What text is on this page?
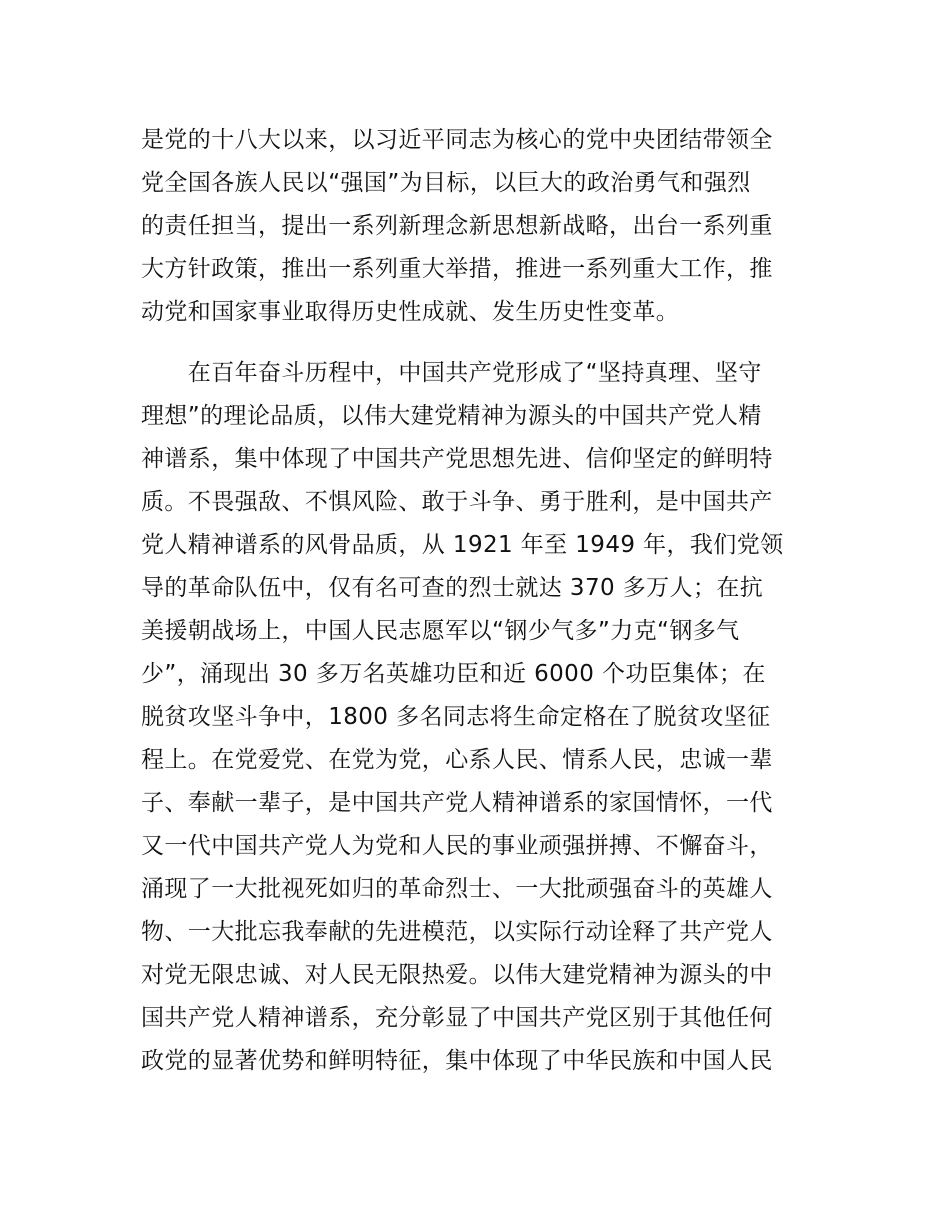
是党的十八大以来，以习近平同志为核心的党中央团结带领全
党全国各族人民以“强国”为目标，以巨大的政治勇气和强烈
的责任担当，提出一系列新理念新思想新战略，出台一系列重
大方针政策，推出一系列重大举措，推进一系列重大工作，推
动党和国家事业取得历史性成就、发生历史性变革。
　　在百年奋斗历程中，中国共产党形成了“坚持真理、坚守
理想”的理论品质，以伟大建党精神为源头的中国共产党人精
神谱系，集中体现了中国共产党思想先进、信仰坚定的鲜明特
质。不畏强敌、不惧风险、敢于斗争、勇于胜利，是中国共产
党人精神谱系的风骨品质，从 1921 年至 1949 年，我们党领
导的革命队伍中，仅有名可查的烈士就达 370 多万人；在抗
美援朝战场上，中国人民志愿军以“钢少气多”力克“钢多气
少”，涌现出 30 多万名英雄功臣和近 6000 个功臣集体；在
脱贫攻坚斗争中，1800 多名同志将生命定格在了脱贫攻坚征
程上。在党爱党、在党为党，心系人民、情系人民，忠诚一辈
子、奉献一辈子，是中国共产党人精神谱系的家国情怀，一代
又一代中国共产党人为党和人民的事业顽强拼搏、不懈奋斗，
涌现了一大批视死如归的革命烈士、一大批顽强奋斗的英雄人
物、一大批忘我奉献的先进模范，以实际行动诠释了共产党人
对党无限忠诚、对人民无限热爱。以伟大建党精神为源头的中
国共产党人精神谱系，充分彰显了中国共产党区别于其他任何
政党的显著优势和鲜明特征，集中体现了中华民族和中国人民
